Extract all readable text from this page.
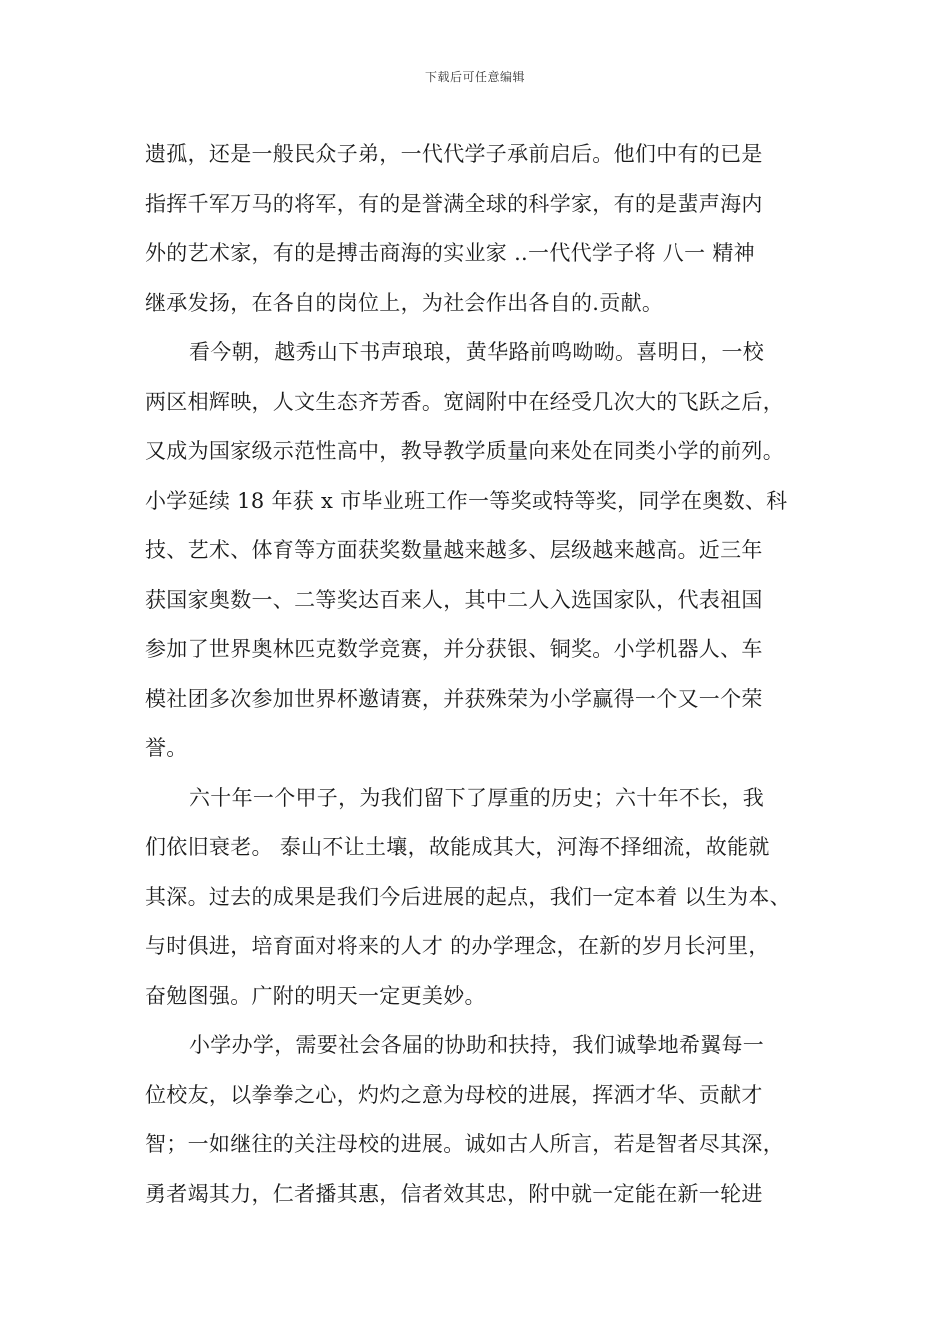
下载后可任意编辑
遗孤，还是一般民众子弟，一代代学子承前启后。他们中有的已是
指挥千军万马的将军，有的是誉满全球的科学家，有的是蜚声海内
外的艺术家，有的是搏击商海的实业家 ..一代代学子将 八一 精神
继承发扬，在各自的岗位上，为社会作出各自的.贡献。
看今朝，越秀山下书声琅琅，黄华路前鸣呦呦。喜明日，一校
两区相辉映，人文生态齐芳香。宽阔附中在经受几次大的飞跃之后，
又成为国家级示范性高中，教导教学质量向来处在同类小学的前列。
小学延续 18 年获 x 市毕业班工作一等奖或特等奖，同学在奥数、科
技、艺术、体育等方面获奖数量越来越多、层级越来越高。近三年
获国家奥数一、二等奖达百来人，其中二人入选国家队，代表祖国
参加了世界奥林匹克数学竞赛，并分获银、铜奖。小学机器人、车
模社团多次参加世界杯邀请赛，并获殊荣为小学赢得一个又一个荣
誉。
六十年一个甲子，为我们留下了厚重的历史；六十年不长，我
们依旧衰老。 泰山不让土壤，故能成其大，河海不择细流，故能就
其深。过去的成果是我们今后进展的起点，我们一定本着 以生为本、
与时俱进，培育面对将来的人才 的办学理念，在新的岁月长河里，
奋勉图强。广附的明天一定更美妙。
小学办学，需要社会各届的协助和扶持，我们诚挚地希翼每一
位校友，以拳拳之心，灼灼之意为母校的进展，挥洒才华、贡献才
智；一如继往的关注母校的进展。诚如古人所言，若是智者尽其深，
勇者竭其力，仁者播其惠，信者效其忠，附中就一定能在新一轮进
